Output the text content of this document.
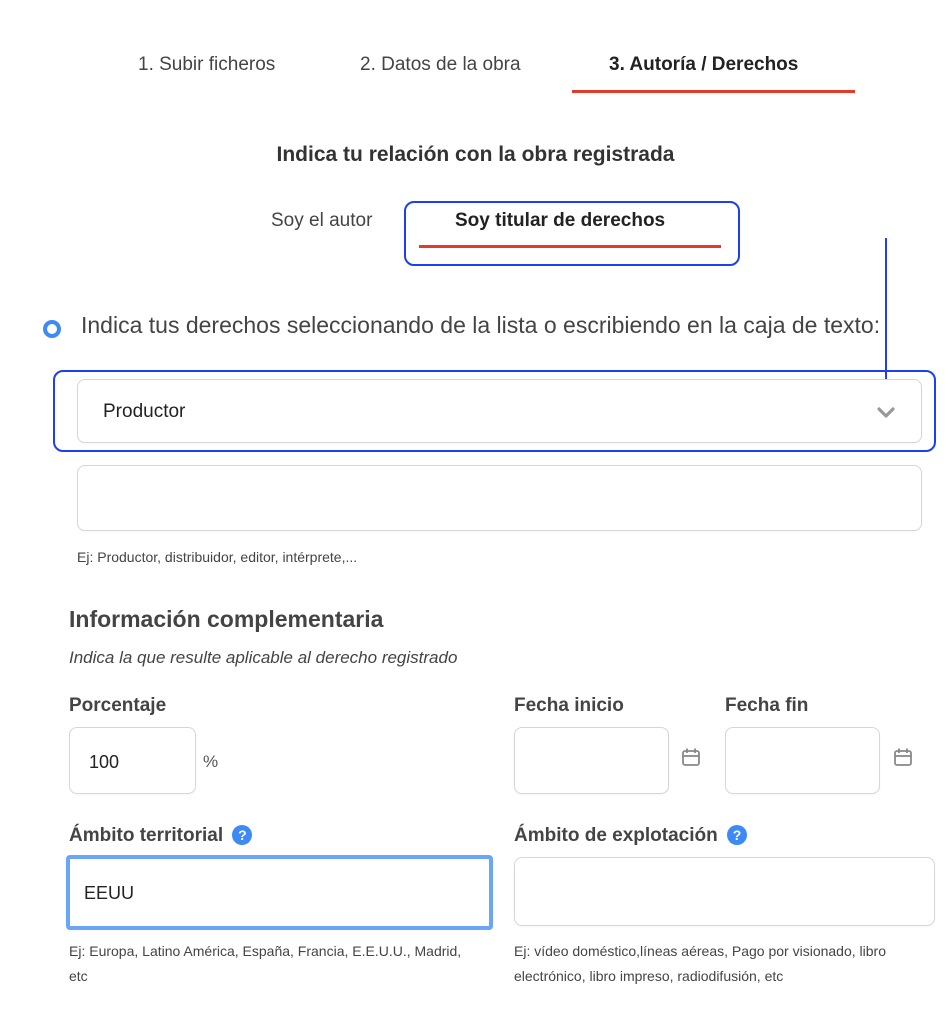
1. Subir ficheros	2. Datos de la obra	3. Autoría / Derechos
Indica tu relación con la obra registrada
Soy el autor	Soy titular de derechos
Indica tus derechos seleccionando de la lista o escribiendo en la caja de texto:
Productor
Ej: Productor, distribuidor, editor, intérprete,...
Información complementaria
Indica la que resulte aplicable al derecho registrado
Porcentaje
100	%
Fecha inicio	Fecha fin
Ámbito territorial ?
EEUU
Ej: Europa, Latino América, España, Francia, E.E.U.U., Madrid, etc
Ámbito de explotación ?
Ej: vídeo doméstico,líneas aéreas, Pago por visionado, libro electrónico, libro impreso, radiodifusión, etc
